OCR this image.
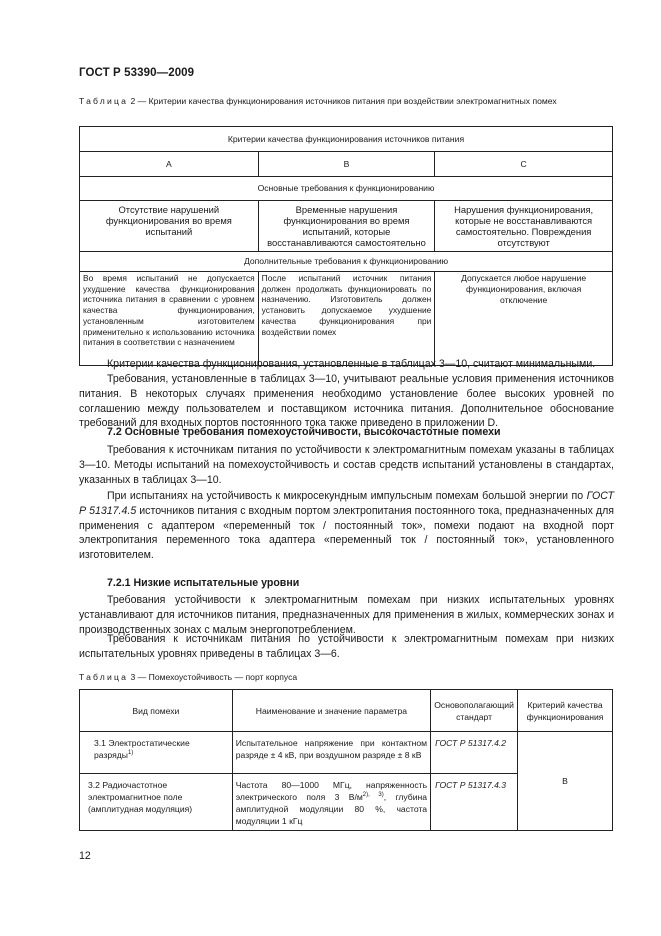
ГОСТ Р 53390—2009
Таблица 2 — Критерии качества функционирования источников питания при воздействии электромагнитных помех
Критерии качества функционирования источников питания		
A	B	C
Основные требования к функционированию		
Отсутствие нарушений функционирования во время испытаний	Временные нарушения функционирования во время испытаний, которые восстанавливаются самостоятельно	Нарушения функционирования, которые не восстанавливаются самостоятельно. Повреждения отсутствуют
Дополнительные требования к функционированию		
Во время испытаний не допускается ухудшение качества функционирования источника питания в сравнении с уровнем качества функционирования, установленным изготовителем применительно к использованию источника питания в соответствии с назначением	После испытаний источник питания должен продолжать функционировать по назначению. Изготовитель должен установить допускаемое ухудшение качества функционирования при воздействии помех	Допускается любое нарушение функционирования, включая отключение
Критерии качества функционирования, установленные в таблицах 3—10, считают минимальными.
Требования, установленные в таблицах 3—10, учитывают реальные условия применения источников питания. В некоторых случаях применения необходимо установление более высоких уровней по соглашению между пользователем и поставщиком источника питания. Дополнительное обоснование требований для входных портов постоянного тока также приведено в приложении D.
7.2 Основные требования помехоустойчивости, высокочастотные помехи
Требования к источникам питания по устойчивости к электромагнитным помехам указаны в таблицах 3—10. Методы испытаний на помехоустойчивость и состав средств испытаний установлены в стандартах, указанных в таблицах 3—10.
При испытаниях на устойчивость к микросекундным импульсным помехам большой энергии по ГОСТ Р 51317.4.5 источников питания с входным портом электропитания постоянного тока, предназначенных для применения с адаптером «переменный ток / постоянный ток», помехи подают на входной порт электропитания переменного тока адаптера «переменный ток / постоянный ток», установленного изготовителем.
7.2.1 Низкие испытательные уровни
Требования устойчивости к электромагнитным помехам при низких испытательных уровнях устанавливают для источников питания, предназначенных для применения в жилых, коммерческих зонах и производственных зонах с малым энергопотреблением.
Требования к источникам питания по устойчивости к электромагнитным помехам при низких испытательных уровнях приведены в таблицах 3—6.
Таблица 3 — Помехоустойчивость — порт корпуса
Вид помехи	Наименование и значение параметра	Основополагающий стандарт	Критерий качества функционирования
3.1 Электростатические разряды$^{1)}$	Испытательное напряжение при контактном разряде ± 4 кВ, при воздушном разряде ± 8 кВ	ГОСТ Р 51317.4.2	B
3.2 Радиочастотное электромагнитное поле (амплитудная модуляция)	Частота 80—1000 МГц, напряженность электрического поля 3 $В/м^{2), 3)}$, глубина амплитудной модуляции 80 %, частота модуляции 1 кГц	ГОСТ Р 51317.4.3	
12
